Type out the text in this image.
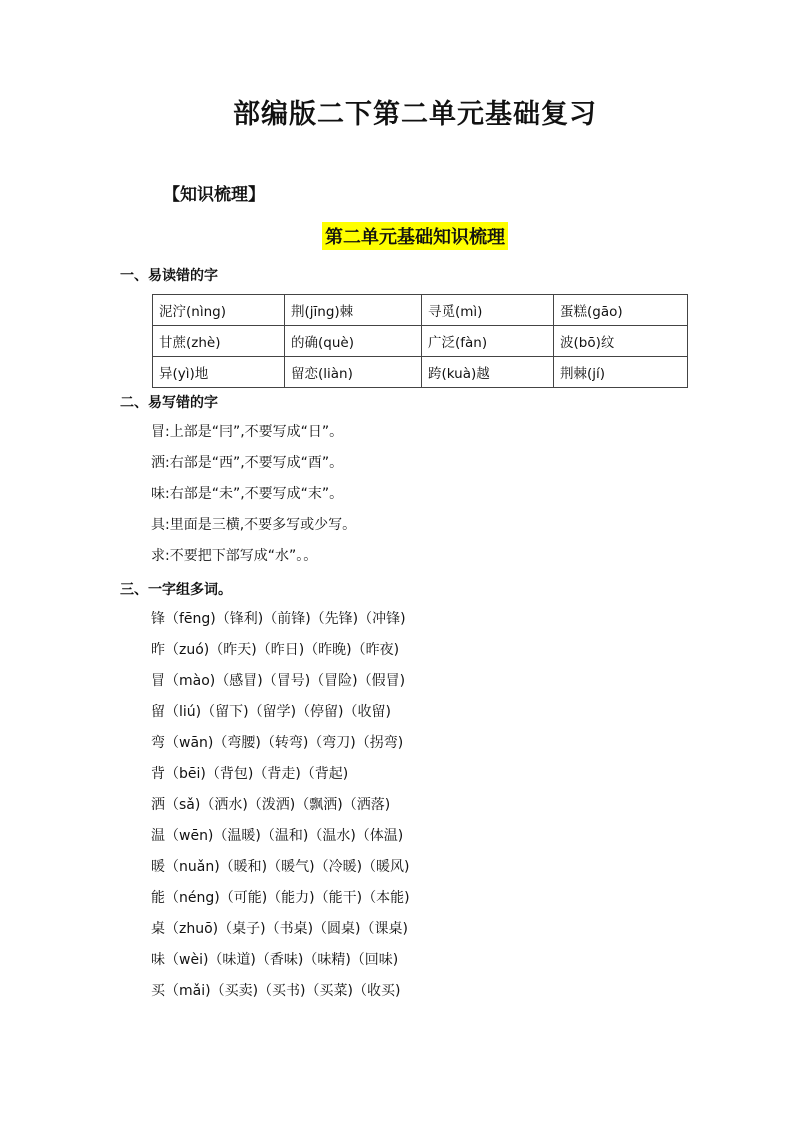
部编版二下第二单元基础复习
【知识梳理】
第二单元基础知识梳理
一、易读错的字
泥泞(nìng)	荆(jīng)棘	寻觅(mì)	蛋糕(gāo)
甘蔗(zhè)	的确(què)	广泛(fàn)	波(bō)纹
异(yì)地	留恋(liàn)	跨(kuà)越	荆棘(jí)
二、易写错的字
冒:上部是“冃”,不要写成“日”。
洒:右部是“西”,不要写成“酉”。
味:右部是“未”,不要写成“末”。
具:里面是三横,不要多写或少写。
求:不要把下部写成“水”。。
三、一字组多词。
锋（fēng)（锋利)（前锋)（先锋)（冲锋)
昨（zuó)（昨天)（昨日)（昨晚)（昨夜)
冒（mào)（感冒)（冒号)（冒险)（假冒)
留（liú)（留下)（留学)（停留)（收留)
弯（wān)（弯腰)（转弯)（弯刀)（拐弯)
背（bēi)（背包)（背走)（背起)
洒（sǎ)（洒水)（泼洒)（飘洒)（洒落)
温（wēn)（温暖)（温和)（温水)（体温)
暖（nuǎn)（暖和)（暖气)（冷暖)（暖风)
能（néng)（可能)（能力)（能干)（本能)
桌（zhuō)（桌子)（书桌)（圆桌)（课桌)
味（wèi)（味道)（香味)（味精)（回味)
买（mǎi)（买卖)（买书)（买菜)（收买)
